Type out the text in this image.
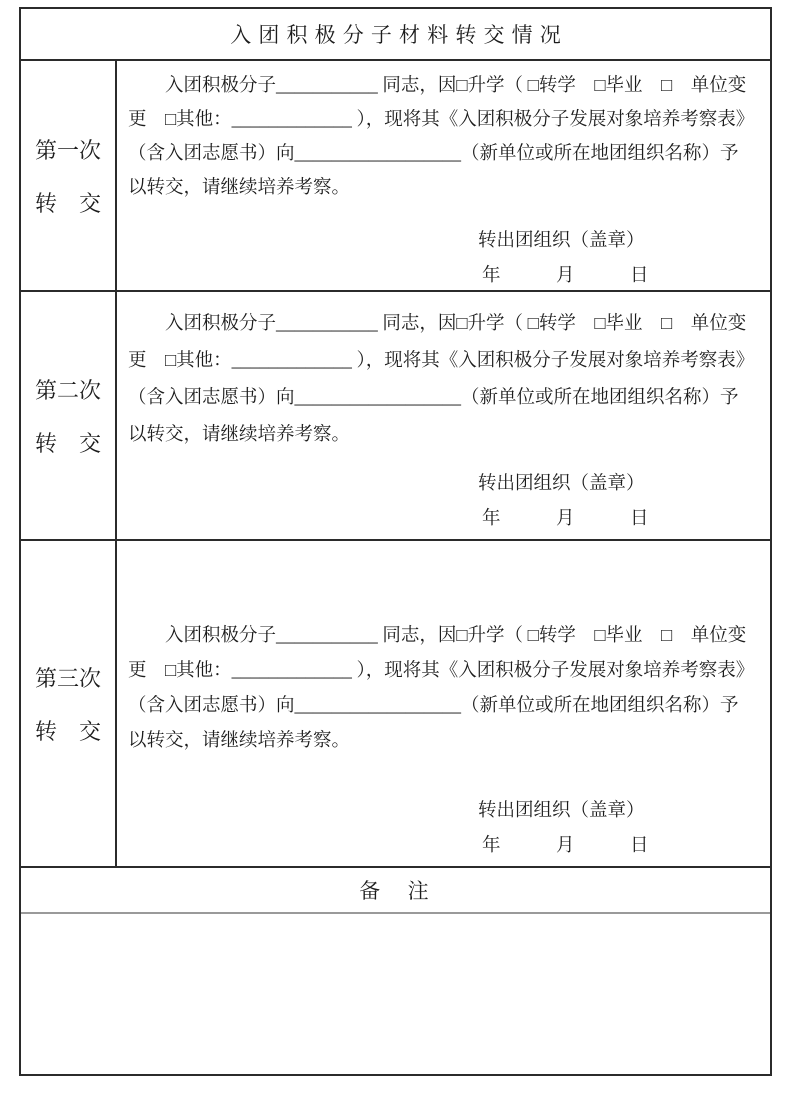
入团积极分子材料转交情况
第一次
转　交
入团积极分子___________ 同志，因□升学（ □转学　□毕业　□　单位变
更　□其他：_____________ ），现将其《入团积极分子发展对象培养考察表》
（含入团志愿书）向__________________（新单位或所在地团组织名称）予
以转交，请继续培养考察。
转出团组织（盖章）
年　　　月　　　日
第二次
转　交
入团积极分子___________ 同志，因□升学（ □转学　□毕业　□　单位变
更　□其他：_____________ ），现将其《入团积极分子发展对象培养考察表》
（含入团志愿书）向__________________（新单位或所在地团组织名称）予
以转交，请继续培养考察。
转出团组织（盖章）
年　　　月　　　日
第三次
转　交
入团积极分子___________ 同志，因□升学（ □转学　□毕业　□　单位变
更　□其他：_____________ ），现将其《入团积极分子发展对象培养考察表》
（含入团志愿书）向__________________（新单位或所在地团组织名称）予
以转交，请继续培养考察。
转出团组织（盖章）
年　　　月　　　日
备　注
